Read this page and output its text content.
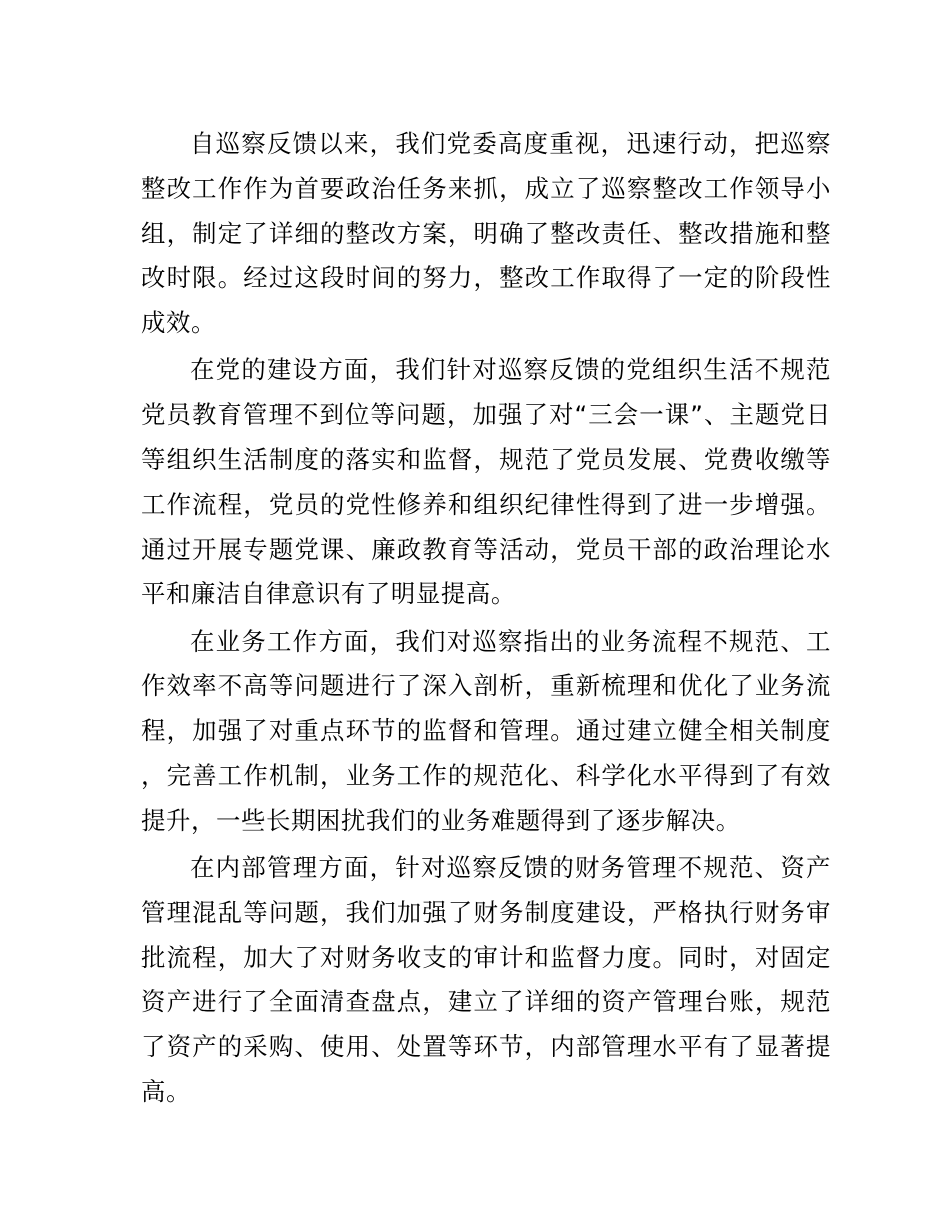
自巡察反馈以来，我们党委高度重视，迅速行动，把巡察整改工作作为首要政治任务来抓，成立了巡察整改工作领导小组，制定了详细的整改方案，明确了整改责任、整改措施和整改时限。经过这段时间的努力，整改工作取得了一定的阶段性成效。

在党的建设方面，我们针对巡察反馈的党组织生活不规范党员教育管理不到位等问题，加强了对“三会一课”、主题党日等组织生活制度的落实和监督，规范了党员发展、党费收缴等工作流程，党员的党性修养和组织纪律性得到了进一步增强。通过开展专题党课、廉政教育等活动，党员干部的政治理论水平和廉洁自律意识有了明显提高。

在业务工作方面，我们对巡察指出的业务流程不规范、工作效率不高等问题进行了深入剖析，重新梳理和优化了业务流程，加强了对重点环节的监督和管理。通过建立健全相关制度，完善工作机制，业务工作的规范化、科学化水平得到了有效提升，一些长期困扰我们的业务难题得到了逐步解决。

在内部管理方面，针对巡察反馈的财务管理不规范、资产管理混乱等问题，我们加强了财务制度建设，严格执行财务审批流程，加大了对财务收支的审计和监督力度。同时，对固定资产进行了全面清查盘点，建立了详细的资产管理台账，规范了资产的采购、使用、处置等环节，内部管理水平有了显著提高。
